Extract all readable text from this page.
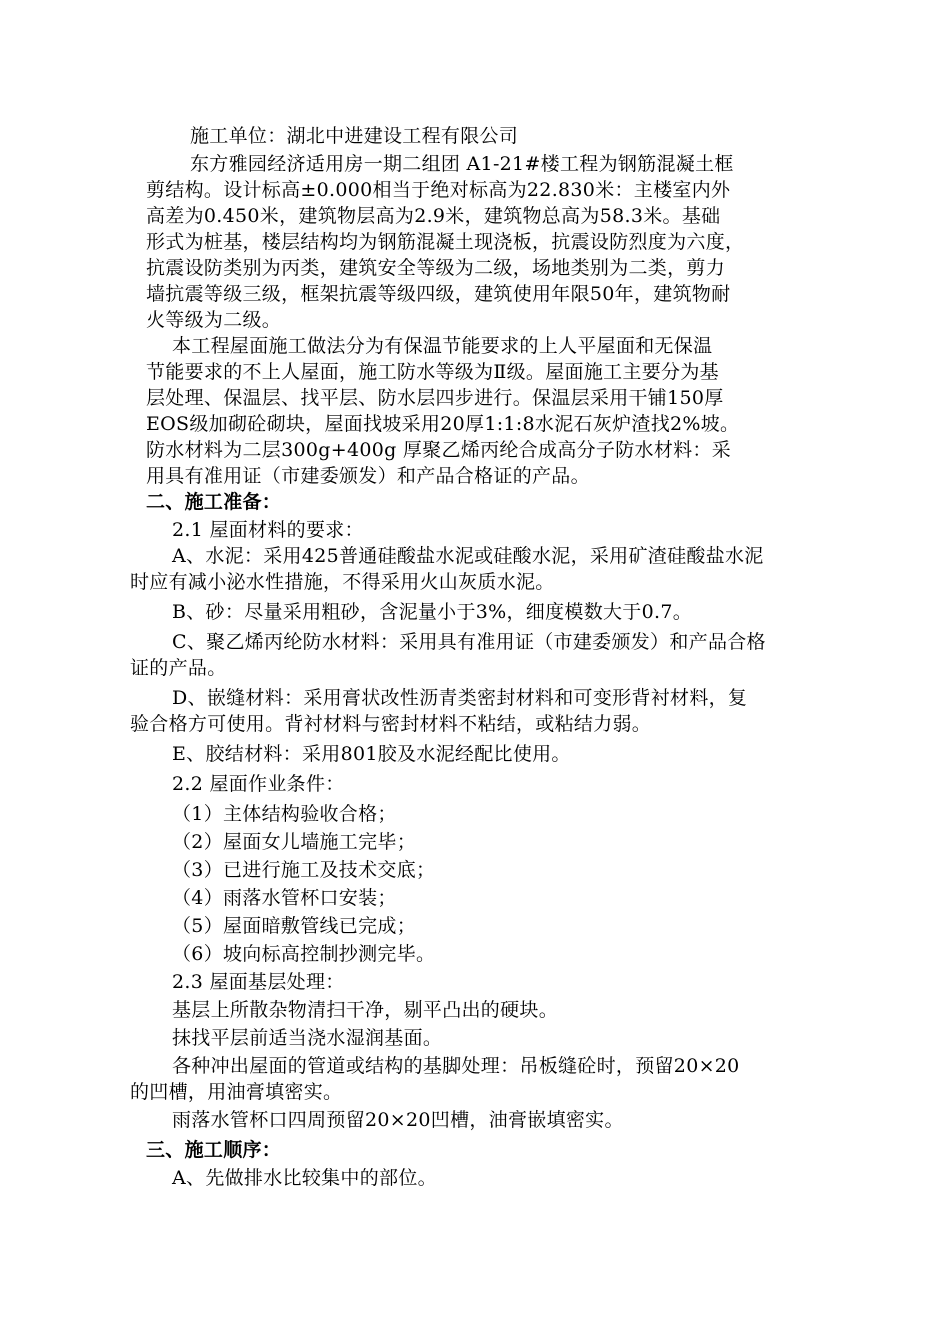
施工单位：湖北中进建设工程有限公司
东方雅园经济适用房一期二组团 A1-21#楼工程为钢筋混凝土框
剪结构。设计标高±0.000相当于绝对标高为22.830米：主楼室内外
高差为0.450米，建筑物层高为2.9米，建筑物总高为58.3米。基础
形式为桩基，楼层结构均为钢筋混凝土现浇板，抗震设防烈度为六度，
抗震设防类别为丙类，建筑安全等级为二级，场地类别为二类，剪力
墙抗震等级三级，框架抗震等级四级，建筑使用年限50年，建筑物耐
火等级为二级。
本工程屋面施工做法分为有保温节能要求的上人平屋面和无保温
节能要求的不上人屋面，施工防水等级为Ⅱ级。屋面施工主要分为基
层处理、保温层、找平层、防水层四步进行。保温层采用干铺150厚
EOS级加砌砼砌块，屋面找坡采用20厚1:1:8水泥石灰炉渣找2%坡。
防水材料为二层300g+400g 厚聚乙烯丙纶合成高分子防水材料：采
用具有准用证（市建委颁发）和产品合格证的产品。
二、施工准备：
2.1 屋面材料的要求：
A、水泥：采用425普通硅酸盐水泥或硅酸水泥，采用矿渣硅酸盐水泥
时应有减小泌水性措施，不得采用火山灰质水泥。
B、砂：尽量采用粗砂，含泥量小于3%，细度模数大于0.7。
C、聚乙烯丙纶防水材料：采用具有准用证（市建委颁发）和产品合格
证的产品。
D、嵌缝材料：采用膏状改性沥青类密封材料和可变形背衬材料，复
验合格方可使用。背衬材料与密封材料不粘结，或粘结力弱。
E、胶结材料：采用801胶及水泥经配比使用。
2.2 屋面作业条件：
（1）主体结构验收合格；
（2）屋面女儿墙施工完毕；
（3）已进行施工及技术交底；
（4）雨落水管杯口安装；
（5）屋面暗敷管线已完成；
（6）坡向标高控制抄测完毕。
2.3 屋面基层处理：
基层上所散杂物清扫干净，剔平凸出的硬块。
抹找平层前适当浇水湿润基面。
各种冲出屋面的管道或结构的基脚处理：吊板缝砼时，预留20×20
的凹槽，用油膏填密实。
雨落水管杯口四周预留20×20凹槽，油膏嵌填密实。
三、施工顺序：
A、先做排水比较集中的部位。
